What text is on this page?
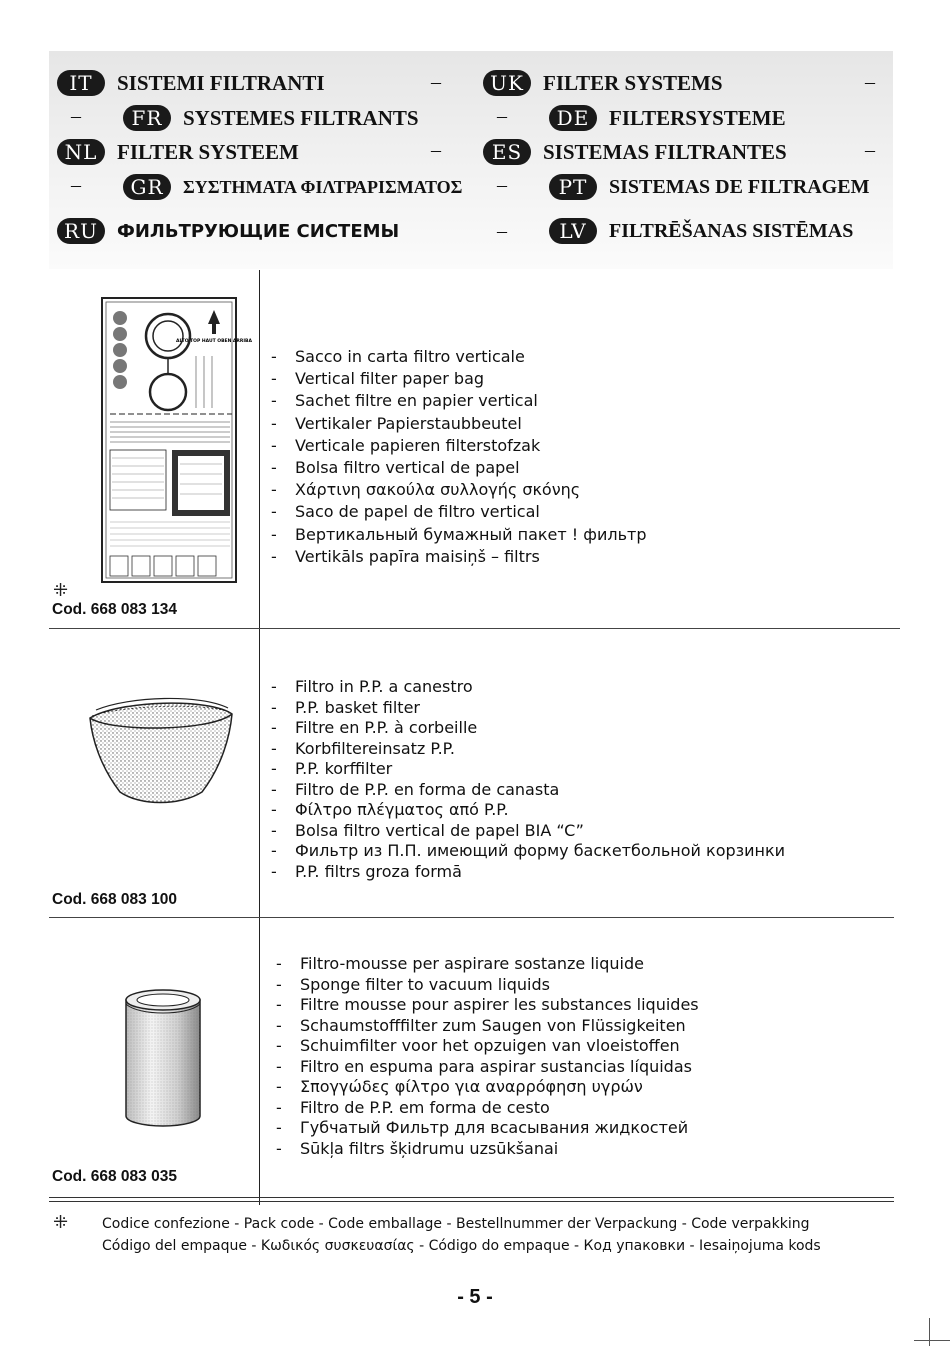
IT	SISTEMI FILTRANTI	–	UK FILTER SYSTEMS	–
–	FR SYSTEMES FILTRANTS	–	DE FILTERSYSTEME
NL FILTER SYSTEEM	–	ES SISTEMAS FILTRANTES	–
–	GR	ΣΥΣΤΗΜΑΤΑ ΦΙΛΤΡΑΡΙΣΜΑΤΟΣ –	PT	SISTEMAS DE FILTRAGEM
RU	ФИЛЬТРУЮЩИЕ СИСТЕМЫ	–	LV	FILTRĒŠANAS SISTĒMAS
ALTO TOP HAUT OBEN ARRIBA
⁜
Cod. 668 083 134
-	Sacco in carta filtro verticale
-	Vertical filter paper bag
-	Sachet filtre en papier vertical
-	Vertikaler Papierstaubbeutel
-	Verticale papieren filterstofzak
-	Bolsa filtro vertical de papel
-	Χάρτινη σακούλα συλλογής σκόνης
-	Saco de papel de filtro vertical
-	Вертикальный бумажный пакет ! фильтр
-	Vertikāls papīra maisiņš – filtrs
Cod. 668 083 100
-	Filtro in P.P. a canestro
-	P.P. basket filter
-	Filtre en P.P. à corbeille
-	Korbfiltereinsatz P.P.
-	P.P. korffilter
-	Filtro de P.P. en forma de canasta
-	Φίλτρο πλέγματος από P.P.
-	Bolsa filtro vertical de papel BIA “C”
-	Фильтр из П.П. имеющий форму баскетбольной корзинки
-	P.P. filtrs groza formā
Cod. 668 083 035
-	Filtro-mousse per aspirare sostanze liquide
-	Sponge filter to vacuum liquids
-	Filtre mousse pour aspirer les substances liquides
-	Schaumstofffilter zum Saugen von Flüssigkeiten
-	Schuimfilter voor het opzuigen van vloeistoffen
-	Filtro en espuma para aspirar sustancias líquidas
-	Σπογγώδες φίλτρο για αναρρόφηση υγρών
-	Filtro de P.P. em forma de cesto
-	Губчатый Фильтр для всасывания жидкостей
-	Sūkļa filtrs šķidrumu uzsūkšanai
⁜ Codice confezione - Pack code - Code emballage - Bestellnummer der Verpackung - Code verpakking
Código del empaque - Κωδικός συσκευασίας - Código do empaque - Код упаковки - Iesaiņojuma kods
- 5 -
